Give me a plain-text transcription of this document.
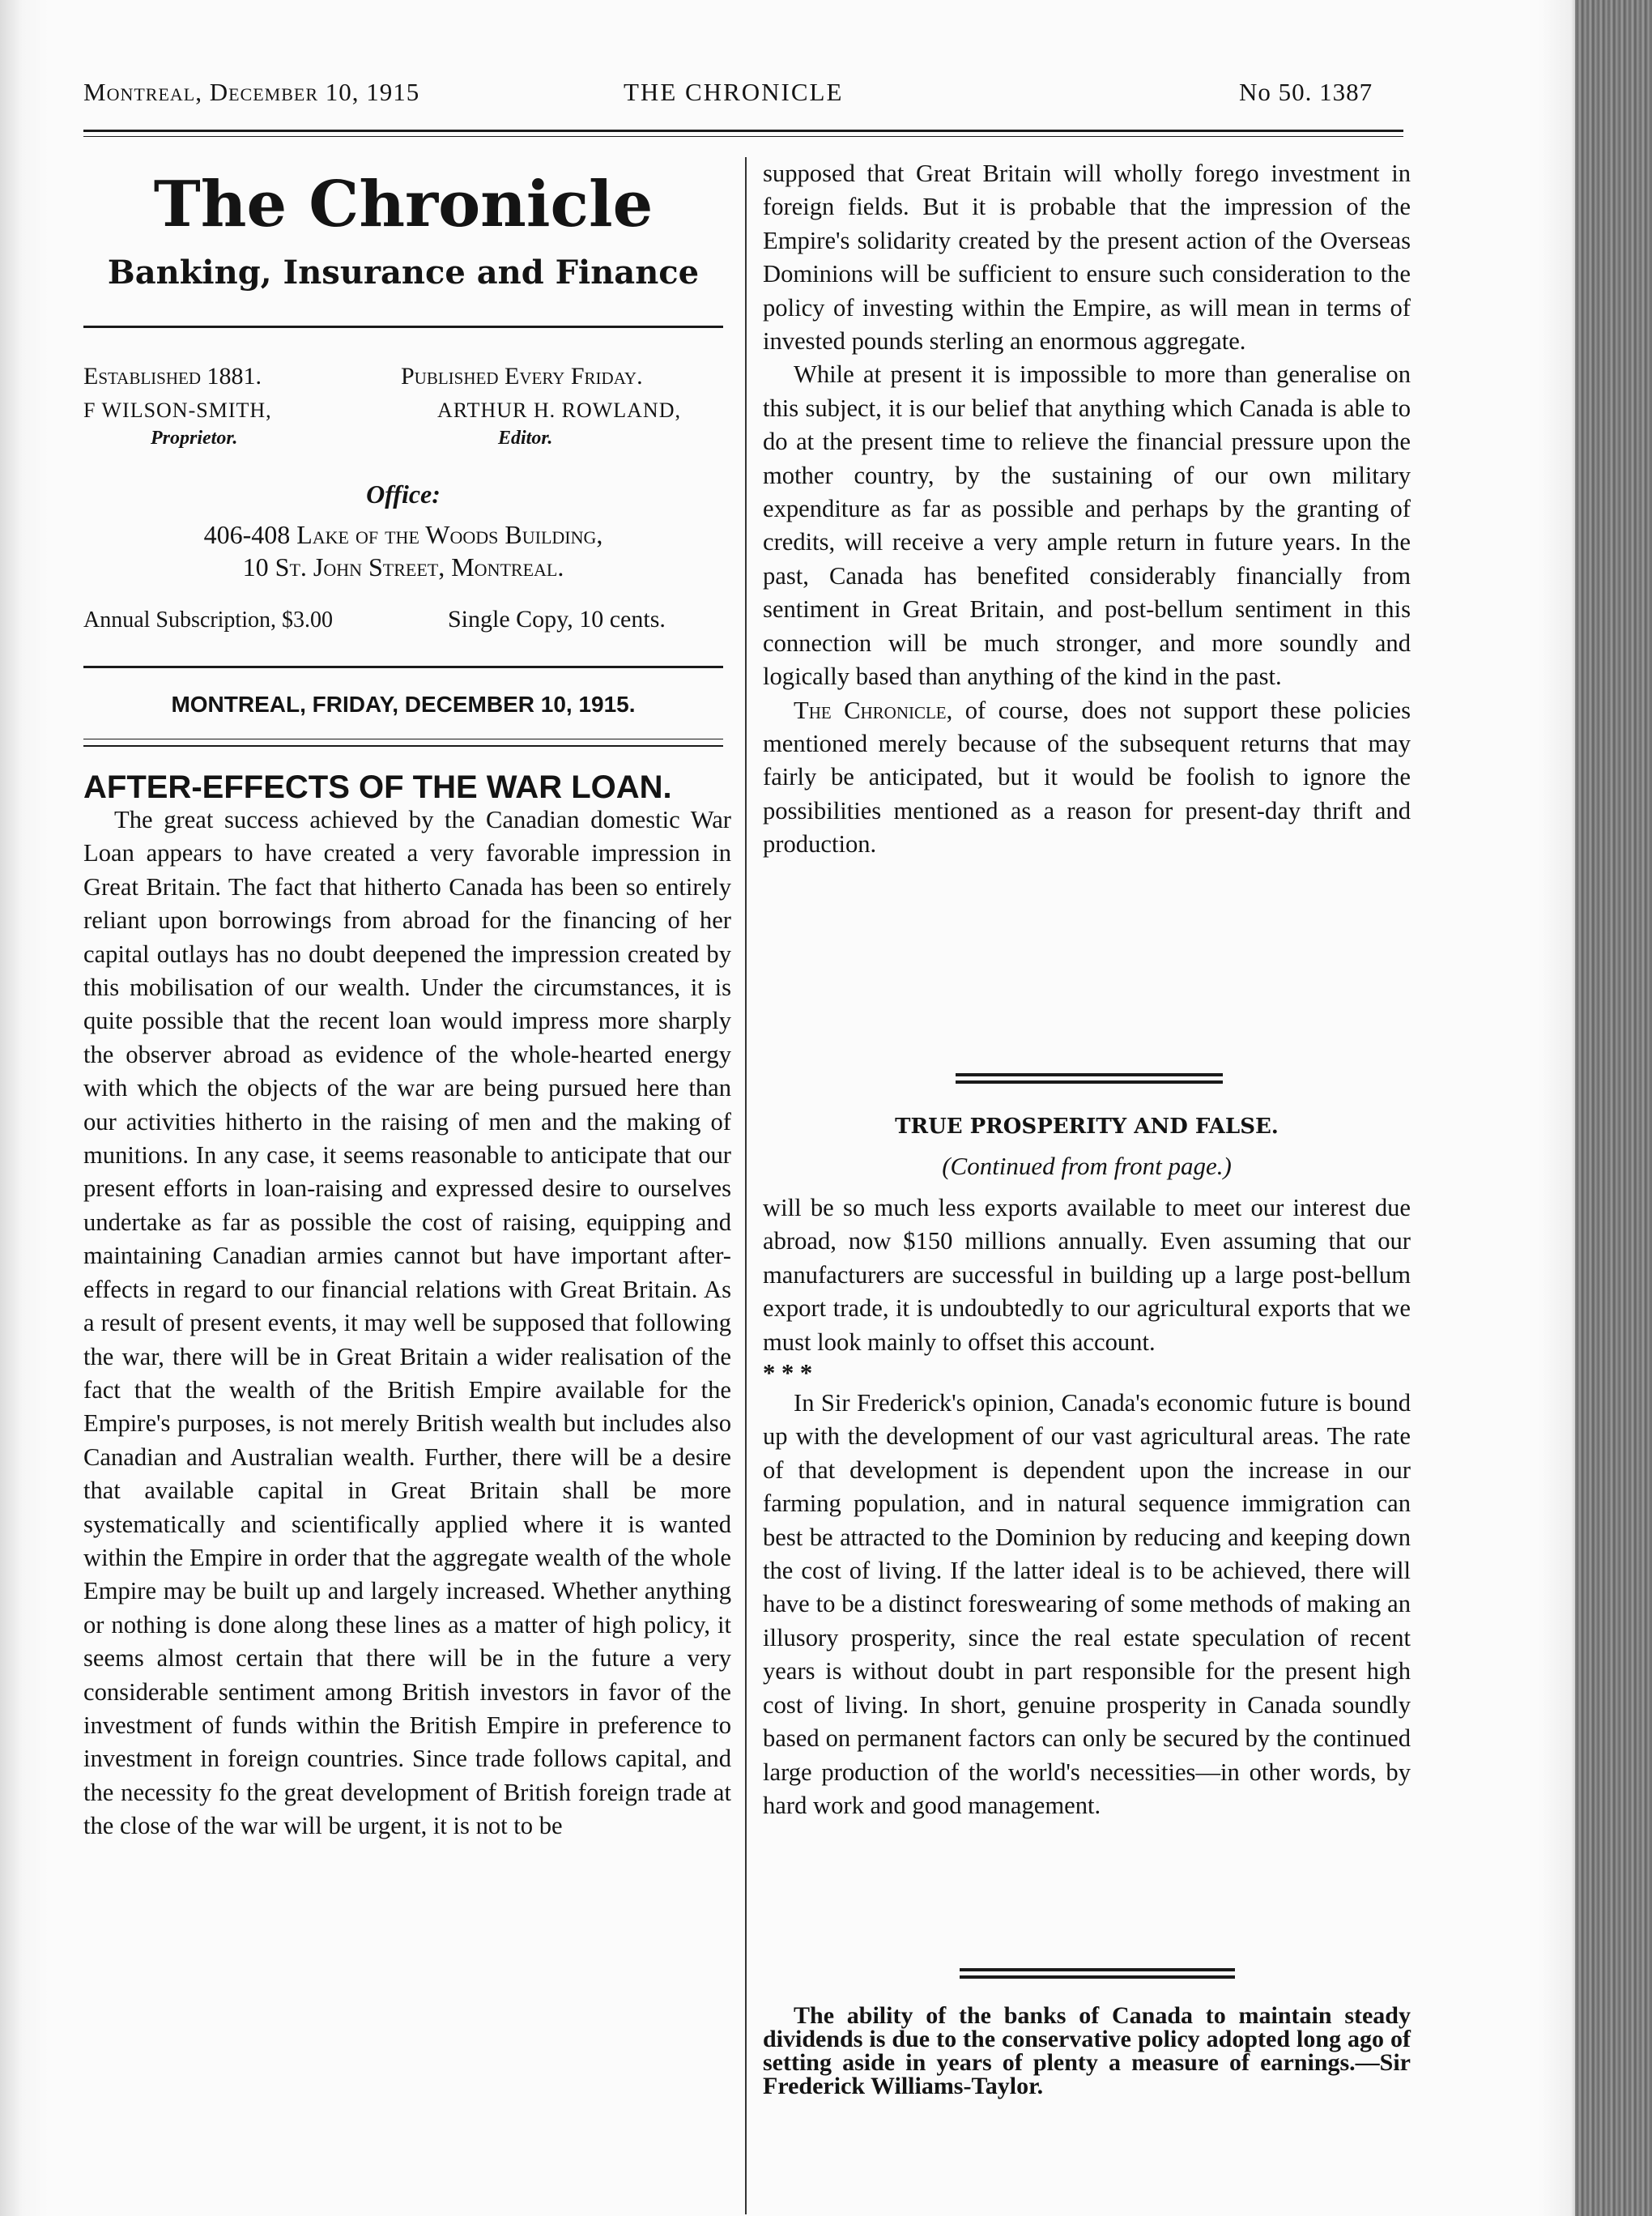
Montreal, December 10, 1915	THE CHRONICLE	No 50. 1387
The Chronicle
Banking, Insurance and Finance
Established 1881.
F WILSON-SMITH,
Proprietor.
Published Every Friday.
ARTHUR H. ROWLAND,
Editor.
Office:
406-408 Lake of the Woods Building,
10 St. John Street, Montreal.
Annual Subscription, $3.00	Single Copy, 10 cents.
MONTREAL, FRIDAY, DECEMBER 10, 1915.
AFTER-EFFECTS OF THE WAR LOAN.

The great success achieved by the Canadian domestic War Loan appears to have created a very favorable impression in Great Britain. The fact that hitherto Canada has been so entirely reliant upon borrowings from abroad for the financing of her capital outlays has no doubt deepened the impression created by this mobilisation of our wealth. Under the circumstances, it is quite possible that the recent loan would impress more sharply the observer abroad as evidence of the whole-hearted energy with which the objects of the war are being pursued here than our activities hitherto in the raising of men and the making of munitions. In any case, it seems reasonable to anticipate that our present efforts in loan-raising and expressed desire to ourselves undertake as far as possible the cost of raising, equipping and maintaining Canadian armies cannot but have important after-effects in regard to our financial relations with Great Britain. As a result of present events, it may well be supposed that following the war, there will be in Great Britain a wider realisation of the fact that the wealth of the British Empire available for the Empire's purposes, is not merely British wealth but includes also Canadian and Australian wealth. Further, there will be a desire that available capital in Great Britain shall be more systematically and scientifically applied where it is wanted within the Empire in order that the aggregate wealth of the whole Empire may be built up and largely increased. Whether anything or nothing is done along these lines as a matter of high policy, it seems almost certain that there will be in the future a very considerable sentiment among British investors in favor of the investment of funds within the British Empire in preference to investment in foreign countries. Since trade follows capital, and the necessity fo the great development of British foreign trade at the close of the war will be urgent, it is not to be

supposed that Great Britain will wholly forego investment in foreign fields. But it is probable that the impression of the Empire's solidarity created by the present action of the Overseas Dominions will be sufficient to ensure such consideration to the policy of investing within the Empire, as will mean in terms of invested pounds sterling an enormous aggregate.

While at present it is impossible to more than generalise on this subject, it is our belief that anything which Canada is able to do at the present time to relieve the financial pressure upon the mother country, by the sustaining of our own military expenditure as far as possible and perhaps by the granting of credits, will receive a very ample return in future years. In the past, Canada has benefited considerably financially from sentiment in Great Britain, and post-bellum sentiment in this connection will be much stronger, and more soundly and logically based than anything of the kind in the past.

The Chronicle, of course, does not support these policies mentioned merely because of the subsequent returns that may fairly be anticipated, but it would be foolish to ignore the possibilities mentioned as a reason for present-day thrift and production.

TRUE PROSPERITY AND FALSE.
(Continued from front page.)

will be so much less exports available to meet our interest due abroad, now $150 millions annually. Even assuming that our manufacturers are successful in building up a large post-bellum export trade, it is undoubtedly to our agricultural exports that we must look mainly to offset this account.

* * *

In Sir Frederick's opinion, Canada's economic future is bound up with the development of our vast agricultural areas. The rate of that development is dependent upon the increase in our farming population, and in natural sequence immigration can best be attracted to the Dominion by reducing and keeping down the cost of living. If the latter ideal is to be achieved, there will have to be a distinct foreswearing of some methods of making an illusory prosperity, since the real estate speculation of recent years is without doubt in part responsible for the present high cost of living. In short, genuine prosperity in Canada soundly based on permanent factors can only be secured by the continued large production of the world's necessities—in other words, by hard work and good management.

The ability of the banks of Canada to maintain steady dividends is due to the conservative policy adopted long ago of setting aside in years of plenty a measure of earnings.—Sir Frederick Williams-Taylor.
